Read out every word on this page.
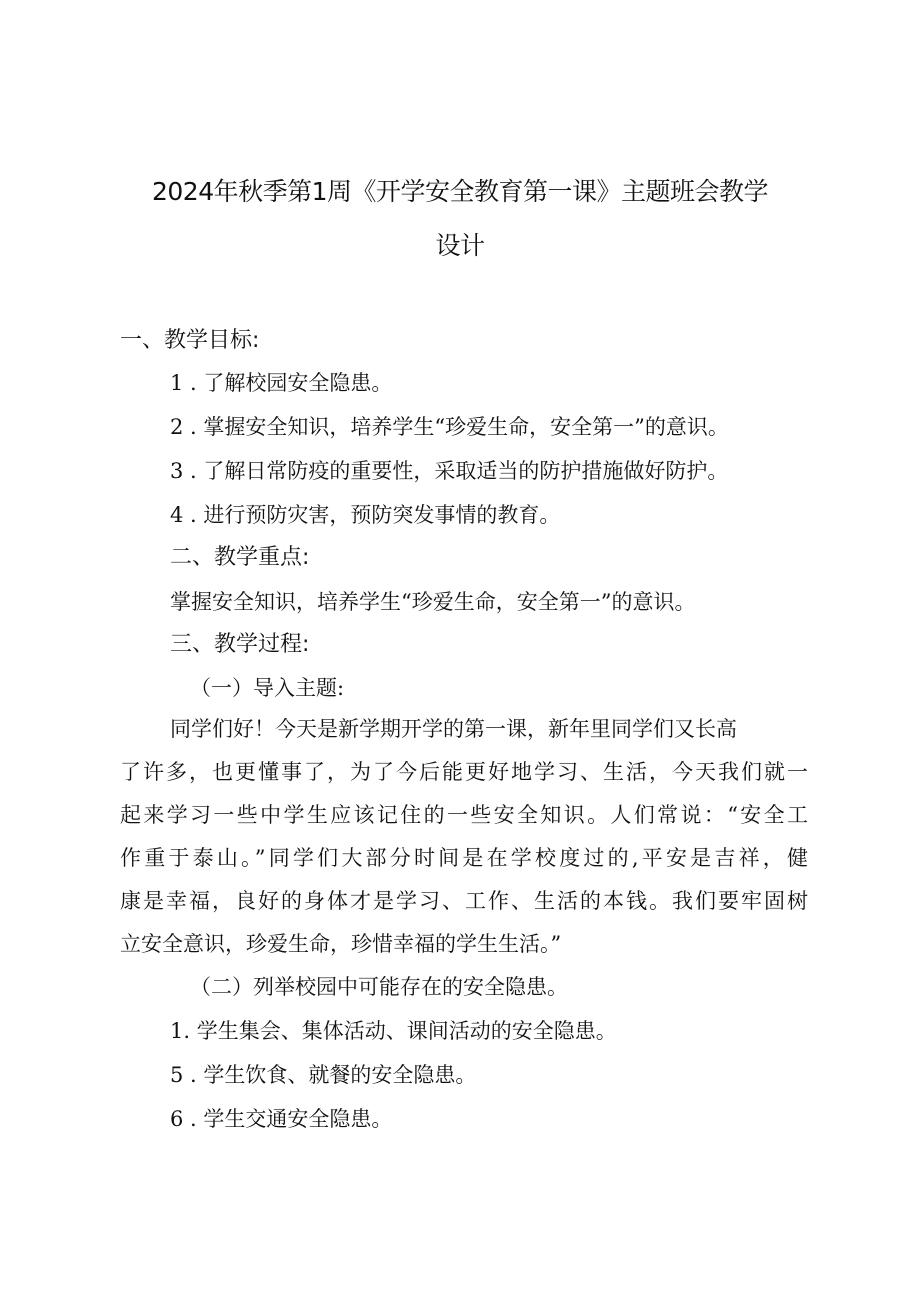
2024年秋季第1周《开学安全教育第一课》主题班会教学
设计
一、教学目标:
1 . 了解校园安全隐患。
2 . 掌握安全知识，培养学生“珍爱生命，安全第一”的意识。
3 . 了解日常防疫的重要性，采取适当的防护措施做好防护。
4 . 进行预防灾害，预防突发事情的教育。
二、教学重点:
掌握安全知识，培养学生“珍爱生命，安全第一”的意识。
三、教学过程:
（一）导入主题:
同学们好！今天是新学期开学的第一课，新年里同学们又长高
了许多，也更懂事了，为了今后能更好地学习、生活，今天我们就一
起来学习一些中学生应该记住的一些安全知识。人们常说：“安全工
作重于泰山。”同学们大部分时间是在学校度过的,平安是吉祥，健
康是幸福，良好的身体才是学习、工作、生活的本钱。我们要牢固树
立安全意识，珍爱生命，珍惜幸福的学生生活。”
（二）列举校园中可能存在的安全隐患。
1. 学生集会、集体活动、课间活动的安全隐患。
5 . 学生饮食、就餐的安全隐患。
6 . 学生交通安全隐患。
